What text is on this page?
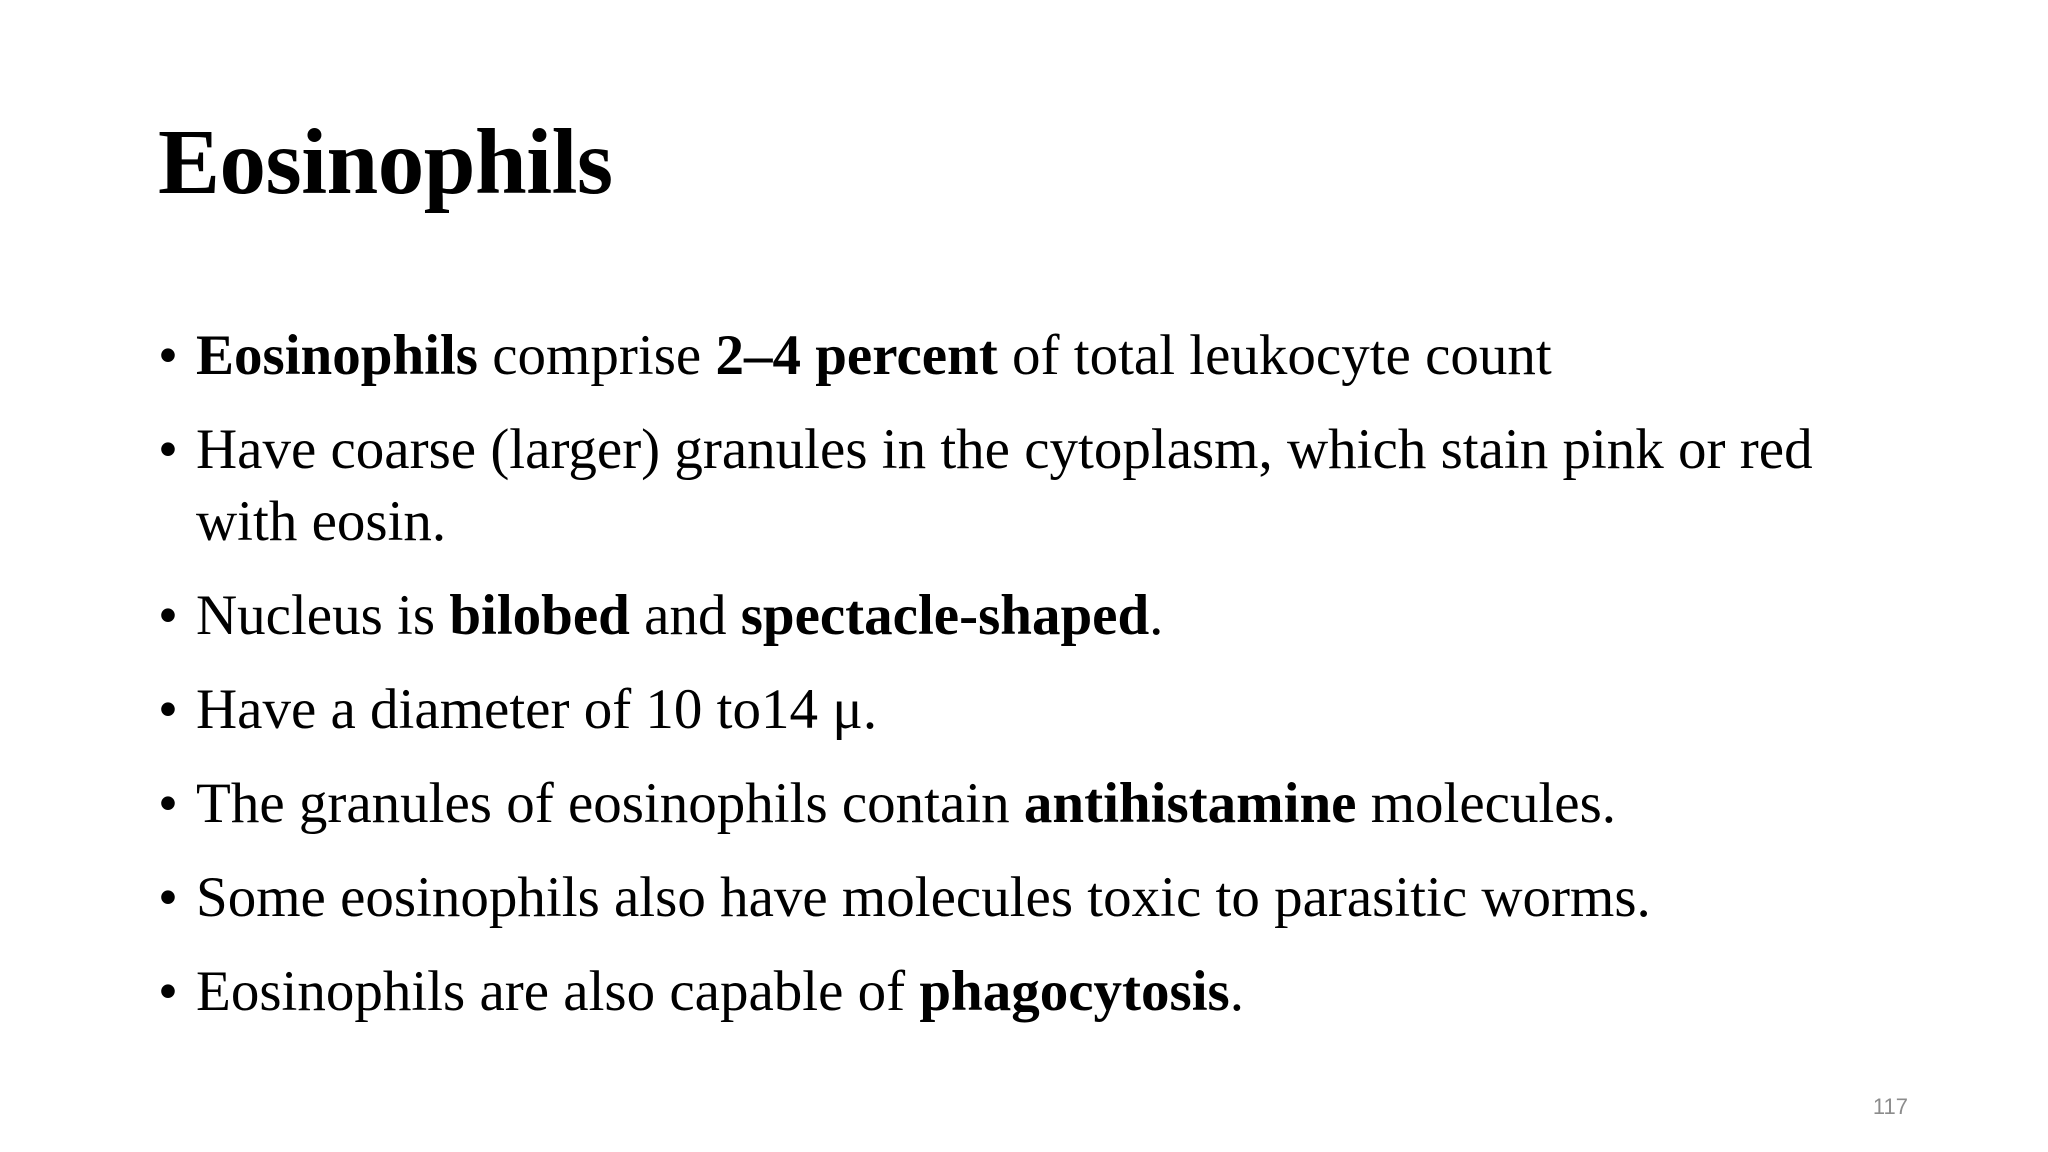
Eosinophils
• Eosinophils comprise 2–4 percent of total leukocyte count
• Have coarse (larger) granules in the cytoplasm, which stain pink or red with eosin.
• Nucleus is bilobed and spectacle-shaped.
• Have a diameter of 10 to14 μ.
• The granules of eosinophils contain antihistamine molecules.
• Some eosinophils also have molecules toxic to parasitic worms.
• Eosinophils are also capable of phagocytosis.
117
